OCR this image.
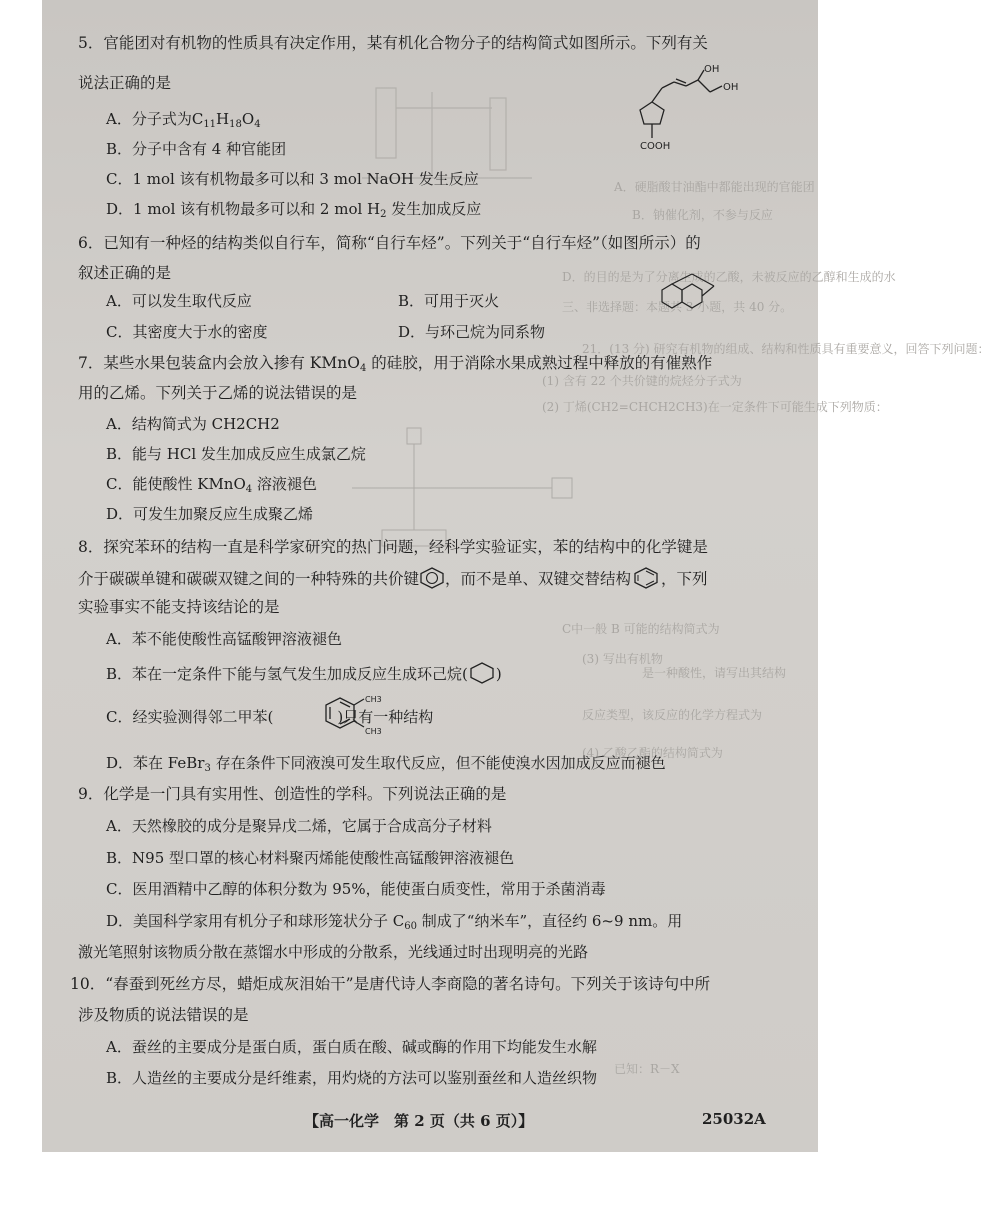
A．硬脂酸甘油酯中都能出现的官能团
B．钠催化剂，不参与反应
D．的目的是为了分离生成的乙酸，未被反应的乙醇和生成的水
三、非选择题：本题共 3 小题，共 40 分。
21．(13 分) 研究有机物的组成、结构和性质具有重要意义，回答下列问题：
(1) 含有 22 个共价键的烷烃分子式为
(2) 丁烯(CH2=CHCH2CH3)在一定条件下可能生成下列物质：
C中一般 B 可能的结构简式为
(3) 写出有机物
是一种酸性，请写出其结构
反应类型，该反应的化学方程式为
(4) 乙酸乙酯的结构简式为
已知：R－X
5．官能团对有机物的性质具有决定作用，某有机化合物分子的结构简式如图所示。下列有关
说法正确的是
A．分子式为$C_{11}H_{18}O_4$
B．分子中含有 4 种官能团
C．1 mol 该有机物最多可以和 3 mol NaOH 发生反应
D．1 mol 该有机物最多可以和 2 mol $H_2$ 发生加成反应
OH
OH
COOH
6．已知有一种烃的结构类似自行车，简称“自行车烃”。下列关于“自行车烃”（如图所示）的
叙述正确的是
A．可以发生取代反应	B．可用于灭火
C．其密度大于水的密度	D．与环己烷为同系物
7．某些水果包装盒内会放入掺有 KMnO$_4$ 的硅胶，用于消除水果成熟过程中释放的有催熟作
用的乙烯。下列关于乙烯的说法错误的是
A．结构简式为 CH2CH2
B．能与 HCl 发生加成反应生成氯乙烷
C．能使酸性 KMnO$_4$ 溶液褪色
D．可发生加聚反应生成聚乙烯
8．探究苯环的结构一直是科学家研究的热门问题，经科学实验证实，苯的结构中的化学键是
介于碳碳单键和碳碳双键之间的一种特殊的共价键 ，而不是单、双键交替结构 ，下列
实验事实不能支持该结论的是
A．苯不能使酸性高锰酸钾溶液褪色
B．苯在一定条件下能与氢气发生加成反应生成环己烷( )
C．经实验测得邻二甲苯(	)只有一种结构
CH3
CH3
D．苯在 FeBr$_3$ 存在条件下同液溴可发生取代反应，但不能使溴水因加成反应而褪色
9．化学是一门具有实用性、创造性的学科。下列说法正确的是
A．天然橡胶的成分是聚异戊二烯，它属于合成高分子材料
B．N95 型口罩的核心材料聚丙烯能使酸性高锰酸钾溶液褪色
C．医用酒精中乙醇的体积分数为 95%，能使蛋白质变性，常用于杀菌消毒
D．美国科学家用有机分子和球形笼状分子 $C_{60}$ 制成了“纳米车”，直径约 6~9 nm。用
激光笔照射该物质分散在蒸馏水中形成的分散系，光线通过时出现明亮的光路
10．“春蚕到死丝方尽，蜡炬成灰泪始干”是唐代诗人李商隐的著名诗句。下列关于该诗句中所
涉及物质的说法错误的是
A．蚕丝的主要成分是蛋白质，蛋白质在酸、碱或酶的作用下均能发生水解
B．人造丝的主要成分是纤维素，用灼烧的方法可以鉴别蚕丝和人造丝织物
【高一化学　第 2 页（共 6 页）】	25032A
